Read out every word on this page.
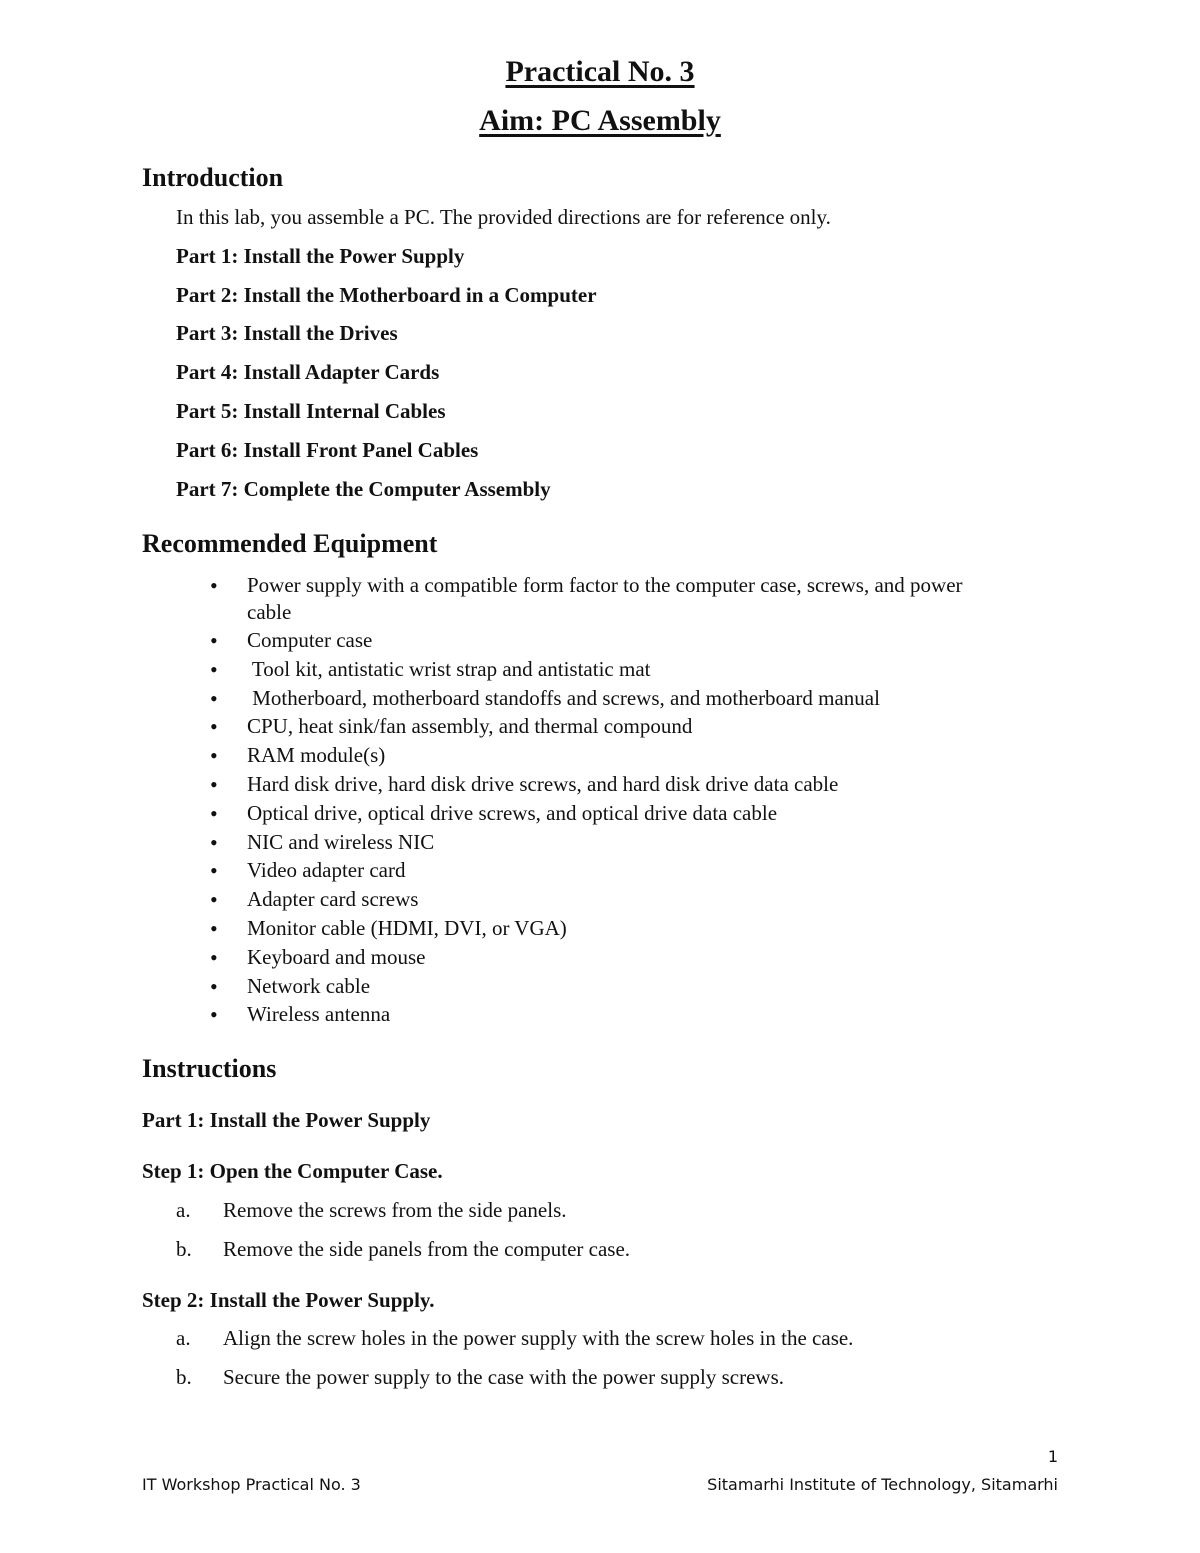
Practical No. 3
Aim: PC Assembly
Introduction
In this lab, you assemble a PC. The provided directions are for reference only.
Part 1: Install the Power Supply
Part 2: Install the Motherboard in a Computer
Part 3: Install the Drives
Part 4: Install Adapter Cards
Part 5: Install Internal Cables
Part 6: Install Front Panel Cables
Part 7: Complete the Computer Assembly
Recommended Equipment
• Power supply with a compatible form factor to the computer case, screws, and power
cable
• Computer case
• Tool kit, antistatic wrist strap and antistatic mat
• Motherboard, motherboard standoffs and screws, and motherboard manual
• CPU, heat sink/fan assembly, and thermal compound
• RAM module(s)
• Hard disk drive, hard disk drive screws, and hard disk drive data cable
• Optical drive, optical drive screws, and optical drive data cable
• NIC and wireless NIC
• Video adapter card
• Adapter card screws
• Monitor cable (HDMI, DVI, or VGA)
• Keyboard and mouse
• Network cable
• Wireless antenna
Instructions
Part 1: Install the Power Supply
Step 1: Open the Computer Case.
a. Remove the screws from the side panels.
b. Remove the side panels from the computer case.
Step 2: Install the Power Supply.
a. Align the screw holes in the power supply with the screw holes in the case.
b. Secure the power supply to the case with the power supply screws.
1
IT Workshop Practical No. 3	Sitamarhi Institute of Technology, Sitamarhi
